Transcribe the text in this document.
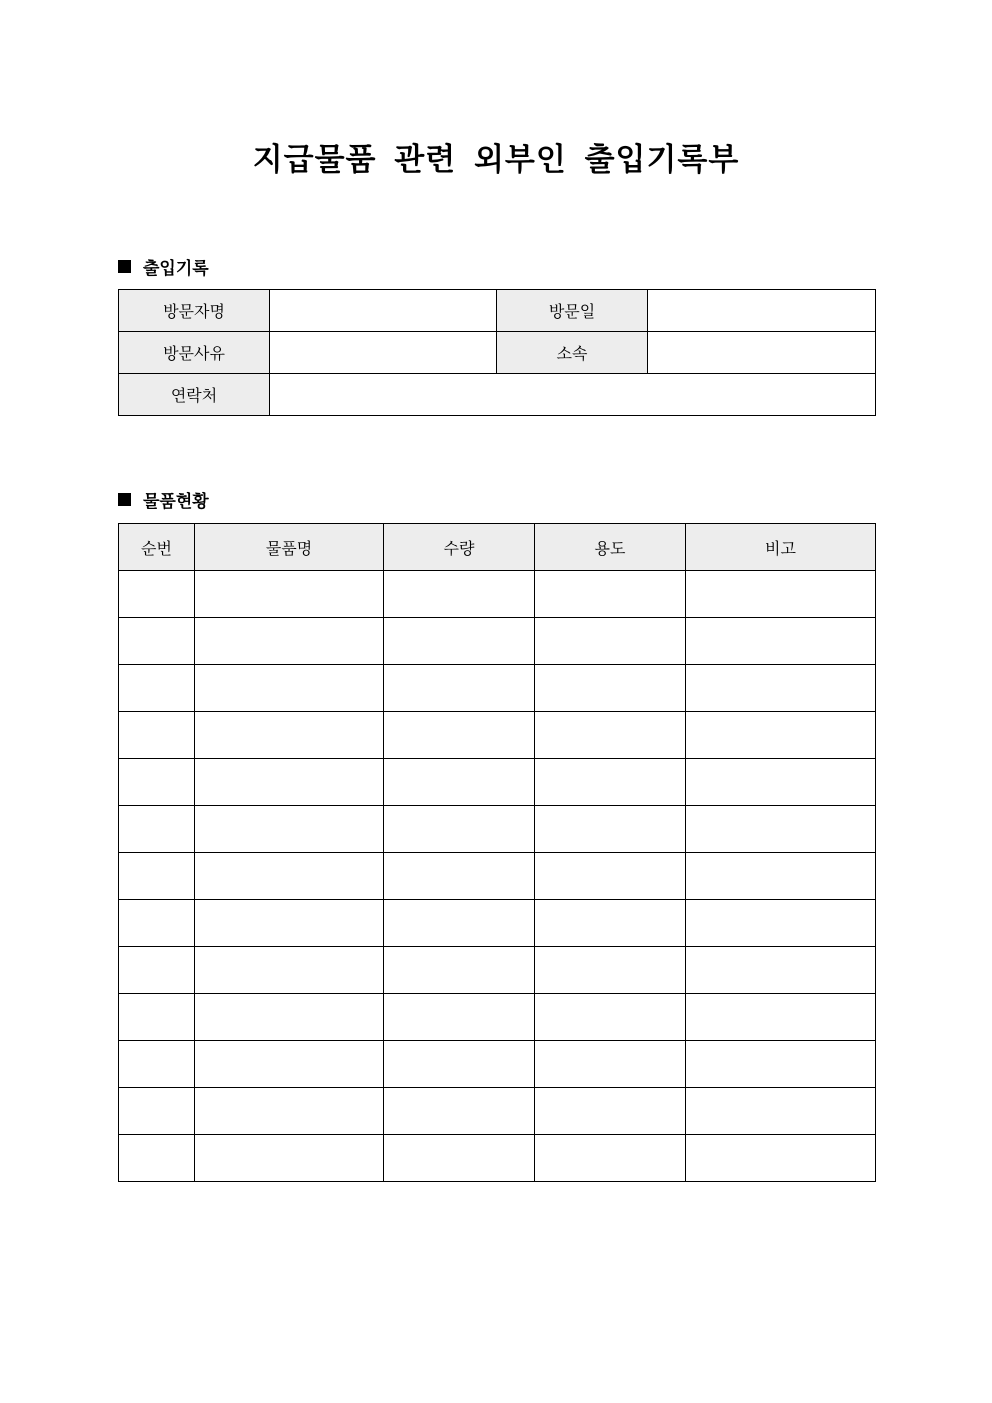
지급물품 관련 외부인 출입기록부
출입기록
방문자명		방문일	
방문사유		소속	
연락처			
물품현황
순번	물품명	수량	용도	비고
